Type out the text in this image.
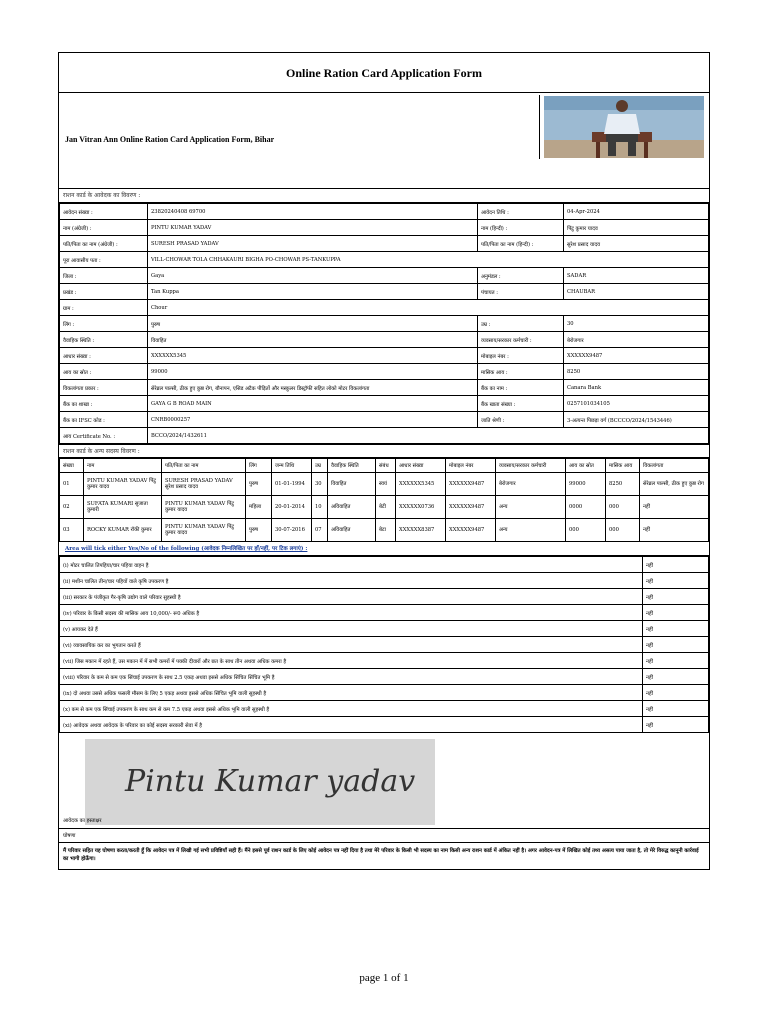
Online Ration Card Application Form
Jan Vitran Ann Online Ration Card Application Form, Bihar
राशन कार्ड के आवेदक का विवरण :
आवेदन संख्या :	23820240408 69700	आवेदन तिथि :	04-Apr-2024
नाम (अंग्रेजी) :	PINTU KUMAR YADAV	नाम (हिन्दी) :	पिंटु कुमार यादव
पति/पिता का नाम (अंग्रेजी) :	SURESH PRASAD YADAV	पति/पिता का नाम (हिन्दी) :	सुरेश प्रसाद यादव
पूरा आवासीय पता :	VILL-CHOWAR TOLA CHHAKAURI BIGHA PO-CHOWAR PS-TANKUPPA		
जिला :	Gaya	अनुमंडल :	SADAR
प्रखंड :	Tan Kuppa	पंचायत :	CHAUBAR
ग्राम :	Chour		
लिंग :	पुरुष	उम्र :	30
वैवाहिक स्थिति :	विवाहित	व्यवसाय/सरकार कर्मचारी :	बेरोजगार
आधार संख्या :	XXXXXX5345	मोबाइल नंबर :	XXXXXX9487
आय का स्रोत :	99000	मासिक आय :	8250
विकलांगता प्रकार :	सेरेब्रल पाल्सी, ठीक हुए कुष्ठ रोग, बौनापन, एसिड अटैक पीड़ितों और मस्कुलर डिस्ट्रॉफी सहित लोको मोटर विकलांगता	बैंक का नाम :	Canara Bank
बैंक का शाखा :	GAYA G B ROAD MAIN	बैंक खाता संख्या :	0257101034105
बैंक का IFSC कोड :	CNRB0000257	जाति श्रेणी :	3-अत्यन्त पिछड़ा वर्ग (BCCCO/2024/1543446)
आय Certificate No. :	BCCO/2024/1432611		
राशन कार्ड के अन्य सदस्य विवरण :
संख्या	नाम	पति/पिता का नाम	लिंग	जन्म तिथि	उम्र	वैवाहिक स्थिति	संबंध	आधार संख्या	मोबाइल नंबर	व्यवसाय/सरकार कर्मचारी	आय का स्रोत	मासिक आय	विकलांगता
01	PINTU KUMAR YADAV पिंटु कुमार यादव	SURESH PRASAD YADAV सुरेश प्रसाद यादव	पुरुष	01-01-1994	30	विवाहित	स्वयं	XXXXXX5345	XXXXXX9487	बेरोजगार	99000	8250	सेरेब्रल पाल्सी, ठीक हुए कुष्ठ रोग
02	SUFATA KUMARI सुजाता कुमारी	PINTU KUMAR YADAV पिंटु कुमार यादव	महिला	20-01-2014	10	अविवाहित	बेटी	XXXXXX0736	XXXXXX9487	अन्य	0000	000	नहीं
03	ROCKY KUMAR रॉकी कुमार	PINTU KUMAR YADAV पिंटु कुमार यादव	पुरुष	30-07-2016	07	अविवाहित	बेटा	XXXXXX8387	XXXXXX9487	अन्य	000	000	नहीं
Area will tick either Yes/No of the following (आवेदक निम्नलिखित पर हाँ/नहीं, पर टिक लगाएं) :
(i) मोटर चालित तिपहिया/चार पहिया वाहन है	नहीं
(ii) मशीन चालित तीन/चार पहियों वाले कृषि उपकरण है	नहीं
(iii) सरकार के पंजीकृत गैर-कृषि उद्योग वाले परिवार सुहस्थी है	नहीं
(iv) परिवार के किसी सदस्य की मासिक आय 10,000/- रू0 अधिक है	नहीं
(v) आयकर देते हैं	नहीं
(vi) व्यावसायिक कर का भुगतान करते हैं	नहीं
(vii) जिस मकान में रहते हैं, उस मकान में में सभी कमरों में पक्की दीवारों और छत के साथ तीन अथवा अधिक कमरा है	नहीं
(viii) परिवार के कम से कम एक सिंचाई उपकरण के साथ 2.5 एकड़ अथवा इससे अधिक सिंचित सिंचित भूमि है	नहीं
(ix) दो अथवा उससे अधिक फसली मौसम के लिए 5 एकड़ अथवा इससे अधिक सिंचित भूमि वाली सुहस्थी है	नहीं
(x) कम से कम एक सिंचाई उपकरण के साथ कम से कम 7.5 एकड़ अथवा इससे अधिक भूमि वाली सुहस्थी है	नहीं
(xi) आवेदक अथवा आवेदक के परिवार का कोई सदस्य सरकारी सेवा में है	नहीं
Pintu Kumar yadav
आवेदक का हस्ताक्षर
घोषणा
मैं परिवार सहित यह घोषणा करता/करती हूँ कि आवेदन पत्र में लिखी गई सभी प्रविष्टियाँ सही हैं। मैंने इससे पूर्व राशन कार्ड के लिए कोई आवेदन पत्र नहीं दिया है तथा मेरे परिवार के किसी भी सदस्य का नाम किसी अन्य राशन कार्ड में अंकित नहीं है। अगर आवेदन-पत्र में लिखित कोई तथ्य असत्य पाया जाता है, तो मेरे विरुद्ध कानूनी कार्रवाई का भागी होऊँगा।
page 1 of 1
